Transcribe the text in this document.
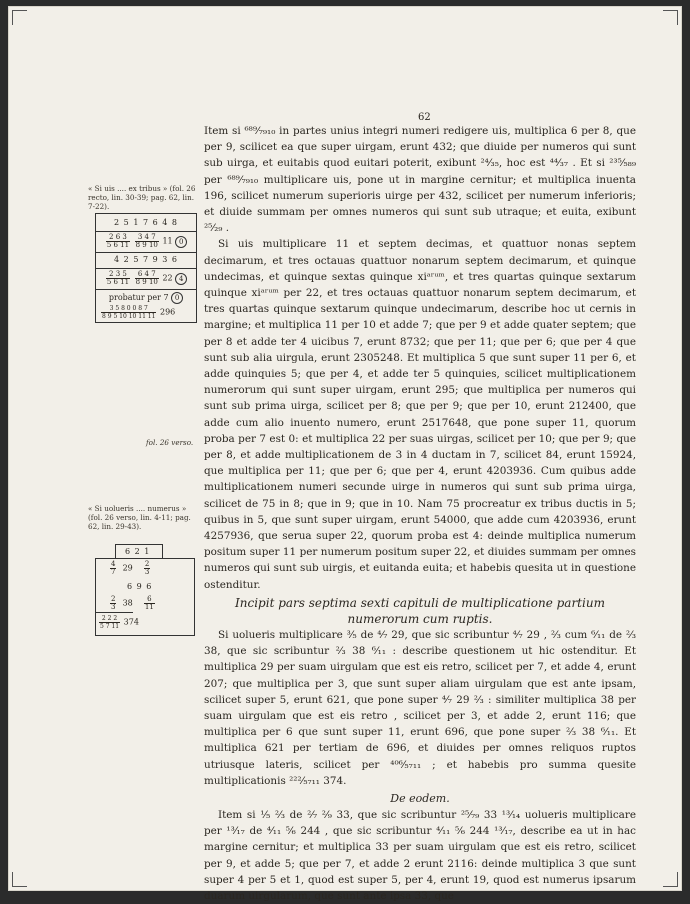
62
« Si uis .... ex tribus » (fol. 26 recto, lin. 30-39; pag. 62, lin. 7-22).
fol. 26 verso.
« Si uolueris .... numerus » (fol. 26 verso, lin. 4-11; pag. 62, lin. 29-43).
2 5 1 7 6 4 8
$\frac{2 6 3}{5 6 11}$
$\frac{3 4 7}{8 9 10} 11$ 0
4 2 5 7 9 3 6
$\frac{2 3 5}{5 6 11}$
$\frac{6 4 7}{8 9 10} 22$ 4
probatur per 7 0
$\frac{3 5 8 0 0 8 7}{8 9 5 10 10 11 11} 296$
6 2 1
$\frac{4}{7} 29 \frac{2}{3}$
6 9 6
$\frac{2}{3} 38 \frac{6}{11}$
$\frac{2 2 2}{5 7 11} 374$

Item si ⁶⁸⁹⁄₇₉₁₀ in partes unius integri numeri redigere uis, multiplica 6 per 8, que per 9, scilicet ea que super uirgam, erunt 432; que diuide per numeros qui sunt sub uirga, et euitabis quod euitari poterit, exibunt ²⁴⁄₃₅, hoc est ⁴⁴⁄₃₇ . Et si ²³⁵⁄₅₈₉ per ⁶⁸⁹⁄₇₉₁₀ multiplicare uis, pone ut in margine cernitur; et multiplica inuenta 196, scilicet numerum superioris uirge per 432, scilicet per numerum inferioris; et diuide summam per omnes numeros qui sunt sub utraque; et euita, exibunt ²⁵⁄₂₉ .

Si uis multiplicare 11 et septem decimas, et quattuor nonas septem decimarum, et tres octauas quattuor nonarum septem decimarum, et quinque undecimas, et quinque sextas quinque xiᵃʳᵘᵐ, et tres quartas quinque sextarum quinque xiᵃʳᵘᵐ per 22, et tres octauas quattuor nonarum septem decimarum, et tres quartas quinque sextarum quinque undecimarum, describe hoc ut cernis in margine; et multiplica 11 per 10 et adde 7; que per 9 et adde quater septem; que per 8 et adde ter 4 uicibus 7, erunt 8732; que per 11; que per 6; que per 4 que sunt sub alia uirgula, erunt 2305248. Et multiplica 5 que sunt super 11 per 6, et adde quinquies 5; que per 4, et adde ter 5 quinquies, scilicet multiplicationem numerorum qui sunt super uirgam, erunt 295; que multiplica per numeros qui sunt sub prima uirga, scilicet per 8; que per 9; que per 10, erunt 212400, que adde cum alio inuento numero, erunt 2517648, que pone super 11, quorum proba per 7 est 0: et multiplica 22 per suas uirgas, scilicet per 10; que per 9; que per 8, et adde multiplicationem de 3 in 4 ductam in 7, scilicet 84, erunt 15924, que multiplica per 11; que per 6; que per 4, erunt 4203936. Cum quibus adde multiplicationem numeri secunde uirge in numeros qui sunt sub prima uirga, scilicet de 75 in 8; que in 9; que in 10. Nam 75 procreatur ex tribus ductis in 5; quibus in 5, que sunt super uirgam, erunt 54000, que adde cum 4203936, erunt 4257936, que serua super 22, quorum proba est 4: deinde multiplica numerum positum super 11 per numerum positum super 22, et diuides summam per omnes numeros qui sunt sub uirgis, et euitanda euita; et habebis quesita ut in questione ostenditur.

Incipit pars septima sexti capituli de multiplicatione partium numerorum cum ruptis.

Si uolueris multiplicare ³⁄₅ de ⁴⁄₇ 29, que sic scribuntur ⁴⁄₇ 29 , ²⁄₃ cum ⁶⁄₁₁ de ²⁄₃ 38, que sic scribuntur ²⁄₃ 38 ⁶⁄₁₁ : describe questionem ut hic ostenditur. Et multiplica 29 per suam uirgulam que est eis retro, scilicet per 7, et adde 4, erunt 207; que multiplica per 3, que sunt super aliam uirgulam que est ante ipsam, scilicet super 5, erunt 621, que pone super ⁴⁄₇ 29 ²⁄₃ : similiter multiplica 38 per suam uirgulam que est eis retro , scilicet per 3, et adde 2, erunt 116; que multiplica per 6 que sunt super 11, erunt 696, que pone super ²⁄₃ 38 ⁶⁄₁₁. Et multiplica 621 per tertiam de 696, et diuides per omnes reliquos ruptos utriusque lateris, scilicet per ⁴⁰⁶⁄₅₇₁₁ ; et habebis pro summa quesite multiplicationis ²²²⁄₅₇₁₁ 374.

De eodem.

Item si ¹⁄₅ ²⁄₃ de ²⁄₇ ²⁄₉ 33, que sic scribuntur ²⁵⁄₇₉ 33 ¹³⁄₁₄ uolueris multiplicare per ¹³⁄₁₇ de ⁴⁄₁₁ ⁵⁄₆ 244 , que sic scribuntur ⁴⁄₁₁ ⁵⁄₆ 244 ¹³⁄₁₇, describe ea ut in hac margine cernitur; et multiplica 33 per suam uirgulam que est eis retro, scilicet per 9, et adde 5; que per 7, et adde 2 erunt 2116: deinde multiplica 3 que sunt super 4 per 5 et 1, quod est super 5, per 4, erunt 19, quod est numerus ipsarum duarum uirgularum, que sunt ante ipsa 33, que
